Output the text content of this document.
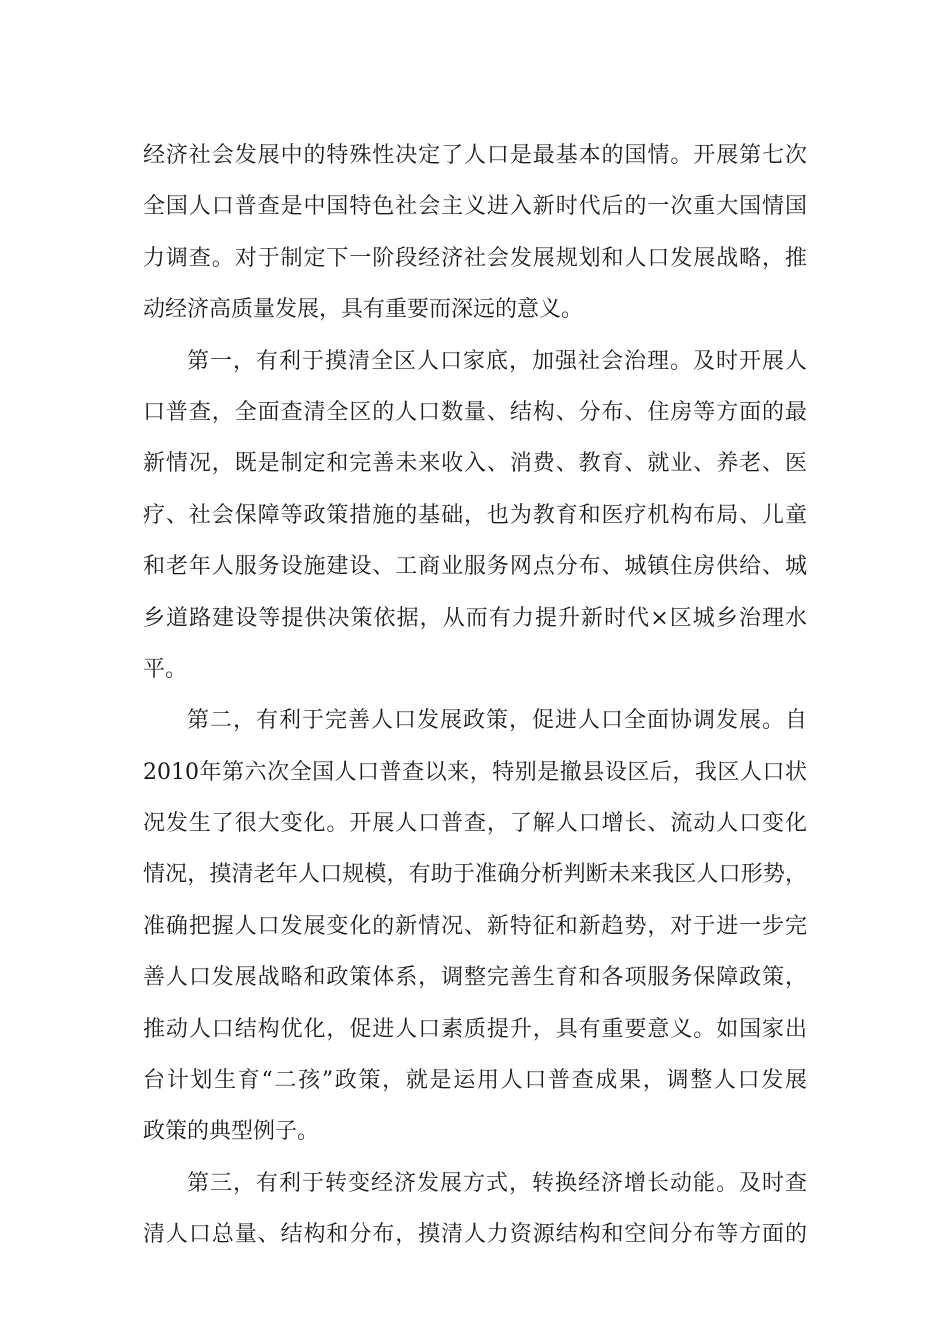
经济社会发展中的特殊性决定了人口是最基本的国情。开展第七次
全国人口普查是中国特色社会主义进入新时代后的一次重大国情国
力调查。对于制定下一阶段经济社会发展规划和人口发展战略，推
动经济高质量发展，具有重要而深远的意义。
第一，有利于摸清全区人口家底，加强社会治理。及时开展人
口普查，全面查清全区的人口数量、结构、分布、住房等方面的最
新情况，既是制定和完善未来收入、消费、教育、就业、养老、医
疗、社会保障等政策措施的基础，也为教育和医疗机构布局、儿童
和老年人服务设施建设、工商业服务网点分布、城镇住房供给、城
乡道路建设等提供决策依据，从而有力提升新时代×区城乡治理水
平。
第二，有利于完善人口发展政策，促进人口全面协调发展。自
2010年第六次全国人口普查以来，特别是撤县设区后，我区人口状
况发生了很大变化。开展人口普查，了解人口增长、流动人口变化
情况，摸清老年人口规模，有助于准确分析判断未来我区人口形势，
准确把握人口发展变化的新情况、新特征和新趋势，对于进一步完
善人口发展战略和政策体系，调整完善生育和各项服务保障政策，
推动人口结构优化，促进人口素质提升，具有重要意义。如国家出
台计划生育“二孩”政策，就是运用人口普查成果，调整人口发展
政策的典型例子。
第三，有利于转变经济发展方式，转换经济增长动能。及时查
清人口总量、结构和分布，摸清人力资源结构和空间分布等方面的
